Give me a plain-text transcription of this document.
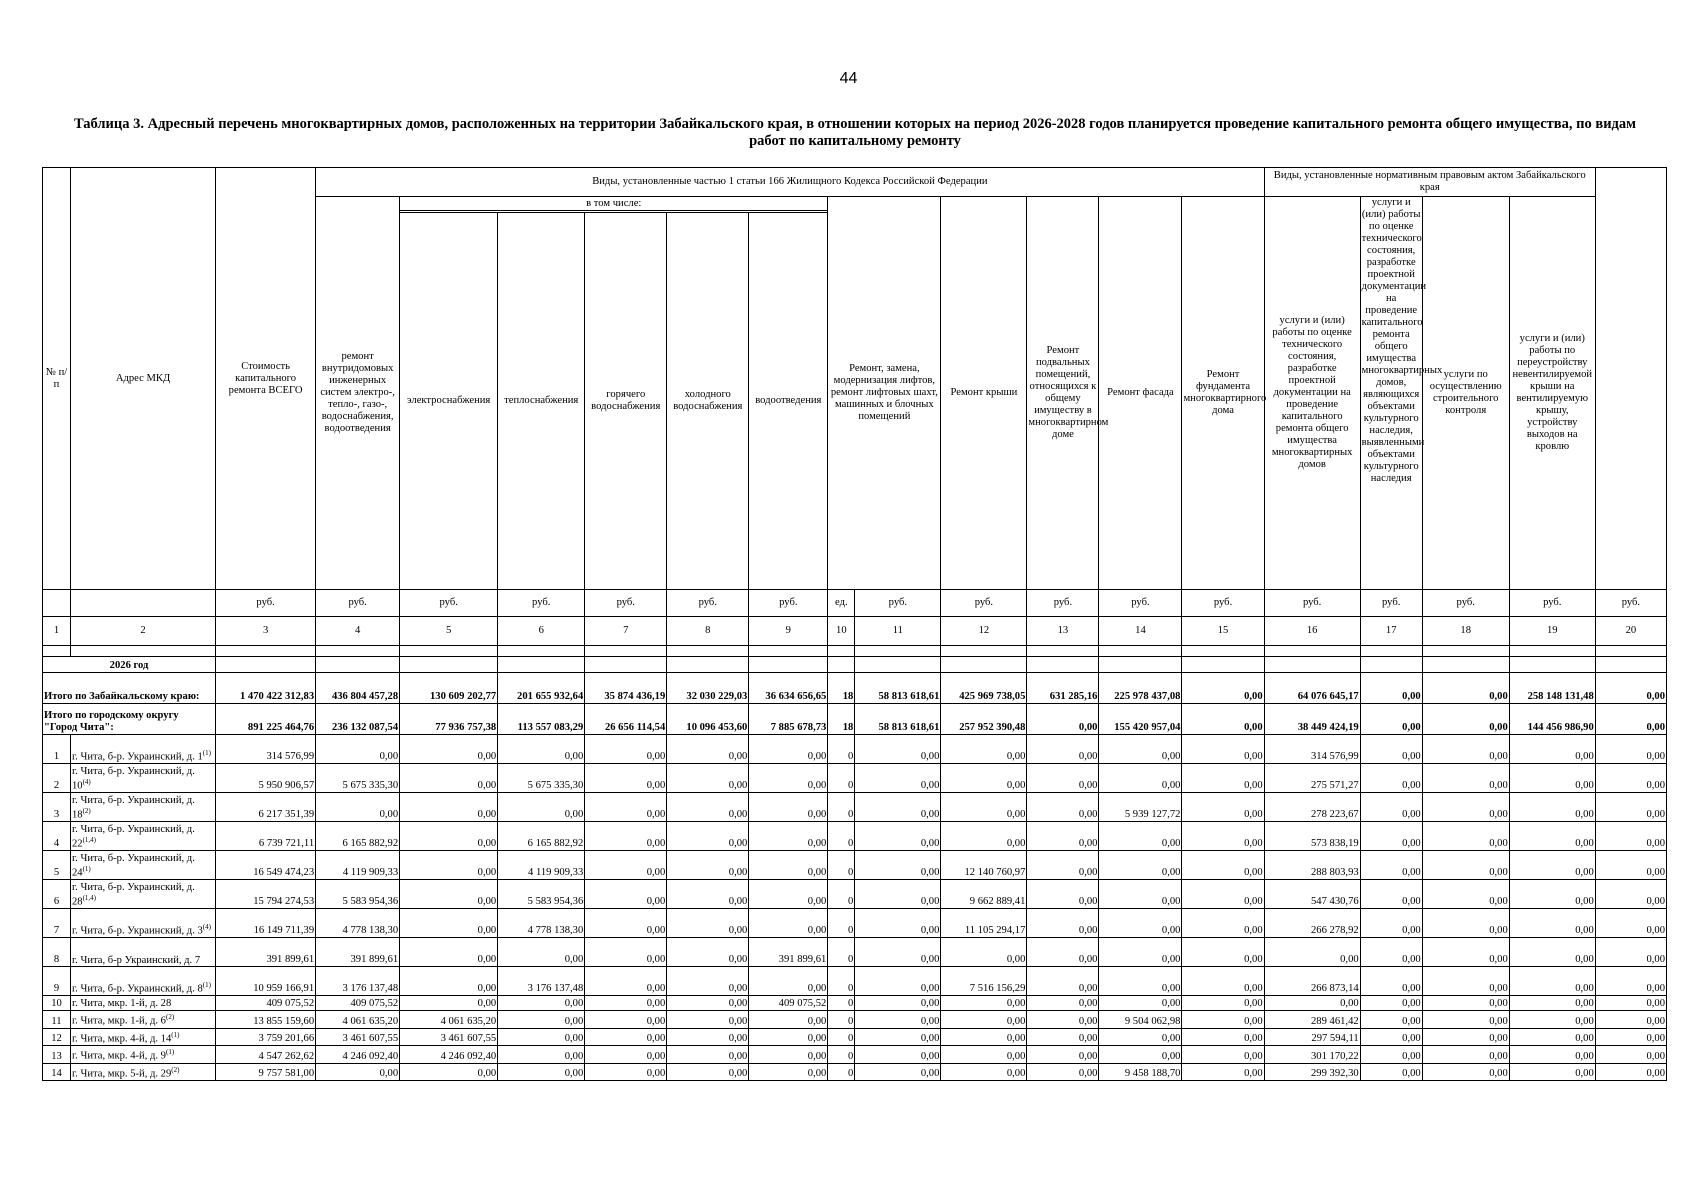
44
Таблица 3. Адресный перечень многоквартирных домов, расположенных на территории Забайкальского края, в отношении которых на период 2026-2028 годов планируется проведение капитального ремонта общего имущества, по видам работ по капитальному ремонту
№ п/п	Адрес МКД	Стоимость капитального ремонта ВСЕГО	Виды, установленные частью 1 статьи 166 Жилищного Кодекса Российской Федерации												Виды, установленные нормативным правовым актом Забайкальского края				
			ремонт внутридомовых инженерных систем электро-, тепло-, газо-, водоснабжения, водоотведения	в том числе:					Ремонт, замена, модернизация лифтов, ремонт лифтовых шахт, машинных и блочных помещений		Ремонт крыши	Ремонт подвальных помещений, относящихся к общему имуществу в многоквартирном доме	Ремонт фасада	Ремонт фундамента многоквартирного дома	услуги и (или) работы по оценке технического состояния, разработке проектной документации на проведение капитального ремонта общего имущества многоквартирных домов	услуги и (или) работы по оценке технического состояния, разработке проектной документации на проведение капитального ремонта общего имущества многоквартирных домов, являющихся объектами культурного наследия, выявленными объектами культурного наследия	услуги по осуществлению строительного контроля	услуги и (или) работы по переустройству невентилируемой крыши на вентилируемую крышу, устройству выходов на кровлю	

				электроснабжения	теплоснабжения	горячего водоснабжения	холодного водоснабжения	водоотведения											
		руб.	руб.	руб.	руб.	руб.	руб.	руб.	ед.	руб.	руб.	руб.	руб.	руб.	руб.	руб.	руб.	руб.	руб.
1	2	3	4	5	6	7	8	9	10	11	12	13	14	15	16	17	18	19	20

2026 год																			
Итого по Забайкальскому краю:		1 470 422 312,83	436 804 457,28	130 609 202,77	201 655 932,64	35 874 436,19	32 030 229,03	36 634 656,65	18	58 813 618,61	425 969 738,05	631 285,16	225 978 437,08	0,00	64 076 645,17	0,00	0,00	258 148 131,48	0,00
Итого по городскому округу "Город Чита":		891 225 464,76	236 132 087,54	77 936 757,38	113 557 083,29	26 656 114,54	10 096 453,60	7 885 678,73	18	58 813 618,61	257 952 390,48	0,00	155 420 957,04	0,00	38 449 424,19	0,00	0,00	144 456 986,90	0,00
1	г. Чита, б-р. Украинский, д. 1$^{(1)}$	314 576,99	0,00	0,00	0,00	0,00	0,00	0,00	0	0,00	0,00	0,00	0,00	0,00	314 576,99	0,00	0,00	0,00	0,00
2	г. Чита, б-р. Украинский, д. 10$^{(4)}$	5 950 906,57	5 675 335,30	0,00	5 675 335,30	0,00	0,00	0,00	0	0,00	0,00	0,00	0,00	0,00	275 571,27	0,00	0,00	0,00	0,00
3	г. Чита, б-р. Украинский, д. 18$^{(2)}$	6 217 351,39	0,00	0,00	0,00	0,00	0,00	0,00	0	0,00	0,00	0,00	5 939 127,72	0,00	278 223,67	0,00	0,00	0,00	0,00
4	г. Чита, б-р. Украинский, д. 22$^{(1,4)}$	6 739 721,11	6 165 882,92	0,00	6 165 882,92	0,00	0,00	0,00	0	0,00	0,00	0,00	0,00	0,00	573 838,19	0,00	0,00	0,00	0,00
5	г. Чита, б-р. Украинский, д. 24$^{(1)}$	16 549 474,23	4 119 909,33	0,00	4 119 909,33	0,00	0,00	0,00	0	0,00	12 140 760,97	0,00	0,00	0,00	288 803,93	0,00	0,00	0,00	0,00
6	г. Чита, б-р. Украинский, д. 28$^{(1,4)}$	15 794 274,53	5 583 954,36	0,00	5 583 954,36	0,00	0,00	0,00	0	0,00	9 662 889,41	0,00	0,00	0,00	547 430,76	0,00	0,00	0,00	0,00
7	г. Чита, б-р. Украинский, д. 3$^{(4)}$	16 149 711,39	4 778 138,30	0,00	4 778 138,30	0,00	0,00	0,00	0	0,00	11 105 294,17	0,00	0,00	0,00	266 278,92	0,00	0,00	0,00	0,00
8	г. Чита, б-р Украинский, д. 7	391 899,61	391 899,61	0,00	0,00	0,00	0,00	391 899,61	0	0,00	0,00	0,00	0,00	0,00	0,00	0,00	0,00	0,00	0,00
9	г. Чита, б-р. Украинский, д. 8$^{(1)}$	10 959 166,91	3 176 137,48	0,00	3 176 137,48	0,00	0,00	0,00	0	0,00	7 516 156,29	0,00	0,00	0,00	266 873,14	0,00	0,00	0,00	0,00
10	г. Чита, мкр. 1-й, д. 28	409 075,52	409 075,52	0,00	0,00	0,00	0,00	409 075,52	0	0,00	0,00	0,00	0,00	0,00	0,00	0,00	0,00	0,00	0,00
11	г. Чита, мкр. 1-й, д. 6$^{(2)}$	13 855 159,60	4 061 635,20	4 061 635,20	0,00	0,00	0,00	0,00	0	0,00	0,00	0,00	9 504 062,98	0,00	289 461,42	0,00	0,00	0,00	0,00
12	г. Чита, мкр. 4-й, д. 14$^{(1)}$	3 759 201,66	3 461 607,55	3 461 607,55	0,00	0,00	0,00	0,00	0	0,00	0,00	0,00	0,00	0,00	297 594,11	0,00	0,00	0,00	0,00
13	г. Чита, мкр. 4-й, д. 9$^{(1)}$	4 547 262,62	4 246 092,40	4 246 092,40	0,00	0,00	0,00	0,00	0	0,00	0,00	0,00	0,00	0,00	301 170,22	0,00	0,00	0,00	0,00
14	г. Чита, мкр. 5-й, д. 29$^{(2)}$	9 757 581,00	0,00	0,00	0,00	0,00	0,00	0,00	0	0,00	0,00	0,00	9 458 188,70	0,00	299 392,30	0,00	0,00	0,00	0,00
